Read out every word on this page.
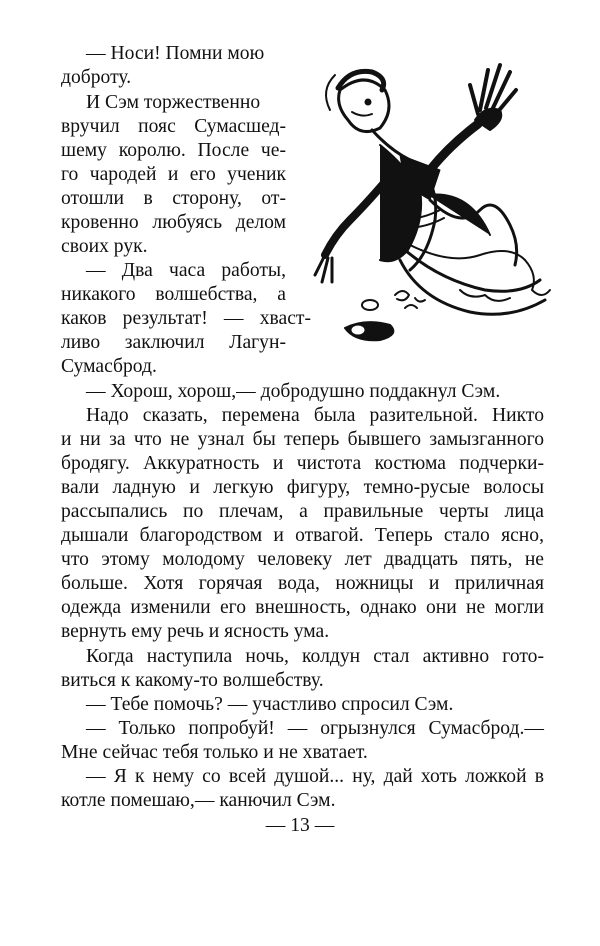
— Носи! Помни мою
доброту.
И Сэм торжественно
вручил пояс Сумасшед-
шему королю. После че-
го чародей и его ученик
отошли в сторону, от-
кровенно любуясь делом
своих рук.
— Два часа работы,
никакого волшебства, а
каков результат! — хваст-
ливо заключил Лагун-
Сумасброд.
— Хорош, хорош,— добродушно поддакнул Сэм.
Надо сказать, перемена была разительной. Никто
и ни за что не узнал бы теперь бывшего замызганного
бродягу. Аккуратность и чистота костюма подчерки-
вали ладную и легкую фигуру, темно-русые волосы
рассыпались по плечам, а правильные черты лица
дышали благородством и отвагой. Теперь стало ясно,
что этому молодому человеку лет двадцать пять, не
больше. Хотя горячая вода, ножницы и приличная
одежда изменили его внешность, однако они не могли
вернуть ему речь и ясность ума.
Когда наступила ночь, колдун стал активно гото-
виться к какому-то волшебству.
— Тебе помочь? — участливо спросил Сэм.
— Только попробуй! — огрызнулся Сумасброд.—
Мне сейчас тебя только и не хватает.
— Я к нему со всей душой... ну, дай хоть ложкой в
котле помешаю,— канючил Сэм.
— 13 —
